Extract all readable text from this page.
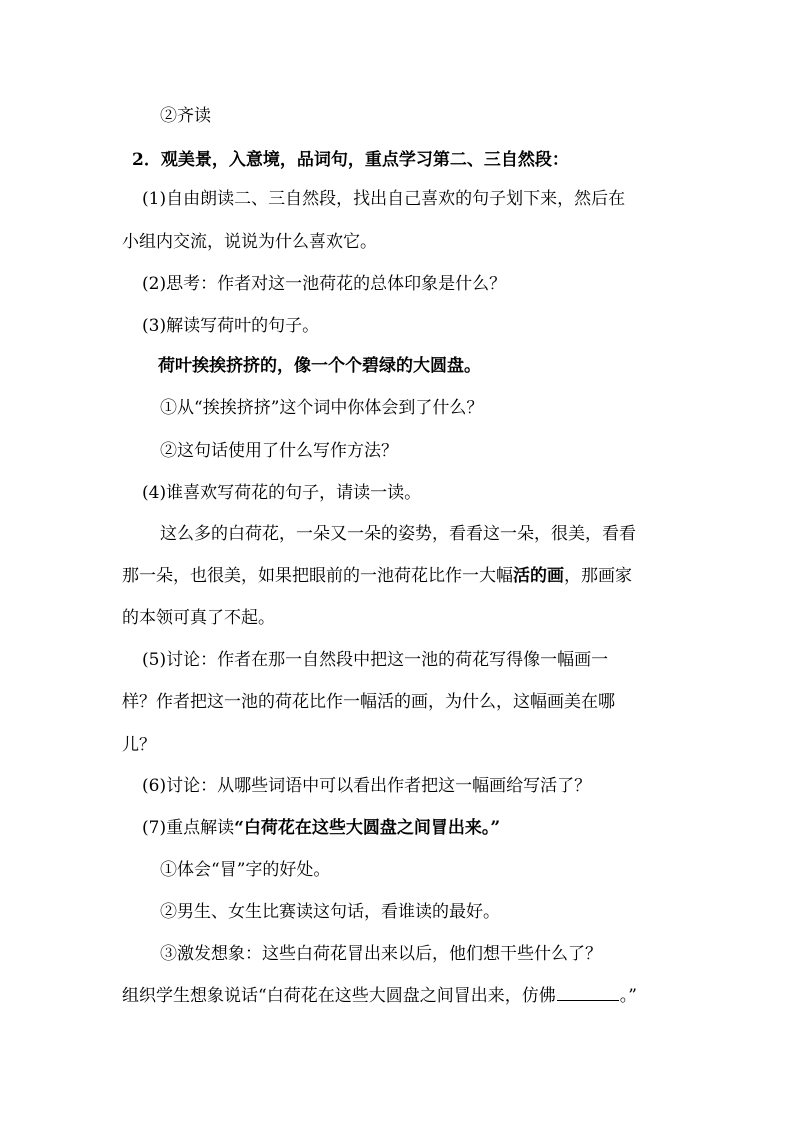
②齐读
2．观美景，入意境，品词句，重点学习第二、三自然段：
(1)自由朗读二、三自然段，找出自己喜欢的句子划下来，然后在
小组内交流，说说为什么喜欢它。
(2)思考：作者对这一池荷花的总体印象是什么？
(3)解读写荷叶的句子。
荷叶挨挨挤挤的，像一个个碧绿的大圆盘。
①从“挨挨挤挤”这个词中你体会到了什么？
②这句话使用了什么写作方法？
(4)谁喜欢写荷花的句子，请读一读。
这么多的白荷花，一朵又一朵的姿势，看看这一朵，很美，看看
那一朵，也很美，如果把眼前的一池荷花比作一大幅活的画，那画家
的本领可真了不起。
(5)讨论：作者在那一自然段中把这一池的荷花写得像一幅画一
样？作者把这一池的荷花比作一幅活的画，为什么，这幅画美在哪
儿？
(6)讨论：从哪些词语中可以看出作者把这一幅画给写活了？
(7)重点解读“白荷花在这些大圆盘之间冒出来。”
①体会“冒”字的好处。
②男生、女生比赛读这句话，看谁读的最好。
③激发想象：这些白荷花冒出来以后，他们想干些什么了？
组织学生想象说话“白荷花在这些大圆盘之间冒出来，仿佛	。”
